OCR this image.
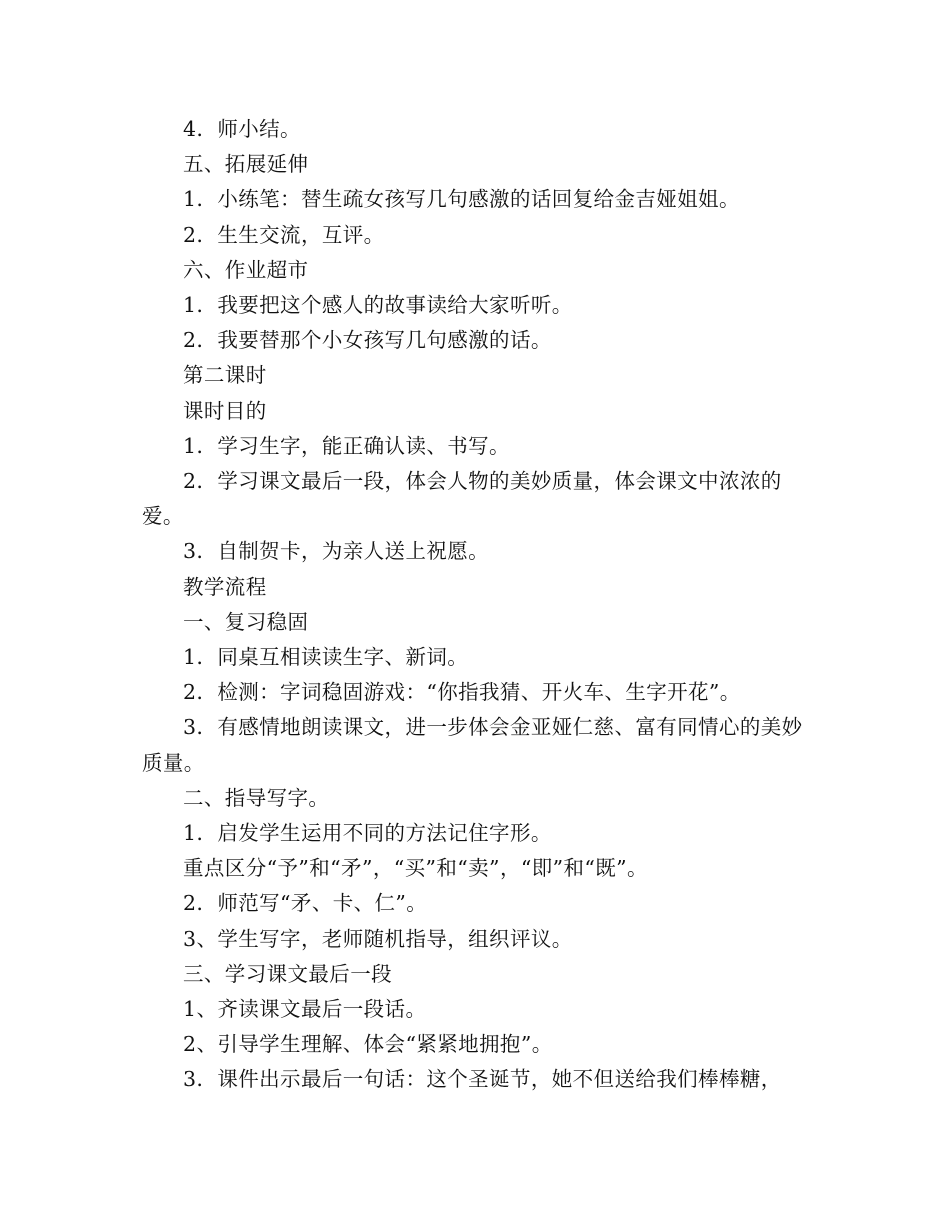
4．师小结。

五、拓展延伸

1．小练笔：替生疏女孩写几句感激的话回复给金吉娅姐姐。

2．生生交流，互评。

六、作业超市

1．我要把这个感人的故事读给大家听听。

2．我要替那个小女孩写几句感激的话。

第二课时

课时目的

1．学习生字，能正确认读、书写。

2．学习课文最后一段，体会人物的美妙质量，体会课文中浓浓的爱。

3．自制贺卡，为亲人送上祝愿。

教学流程

一、复习稳固

1．同桌互相读读生字、新词。

2．检测：字词稳固游戏：“你指我猜、开火车、生字开花”。

3．有感情地朗读课文，进一步体会金亚娅仁慈、富有同情心的美妙质量。

二、指导写字。

1．启发学生运用不同的方法记住字形。

重点区分“予”和“矛”，“买”和“卖”，“即”和“既”。

2．师范写“矛、卡、仁”。

3、学生写字，老师随机指导，组织评议。

三、学习课文最后一段

1、齐读课文最后一段话。

2、引导学生理解、体会“紧紧地拥抱”。

3．课件出示最后一句话：这个圣诞节，她不但送给我们棒棒糖，
